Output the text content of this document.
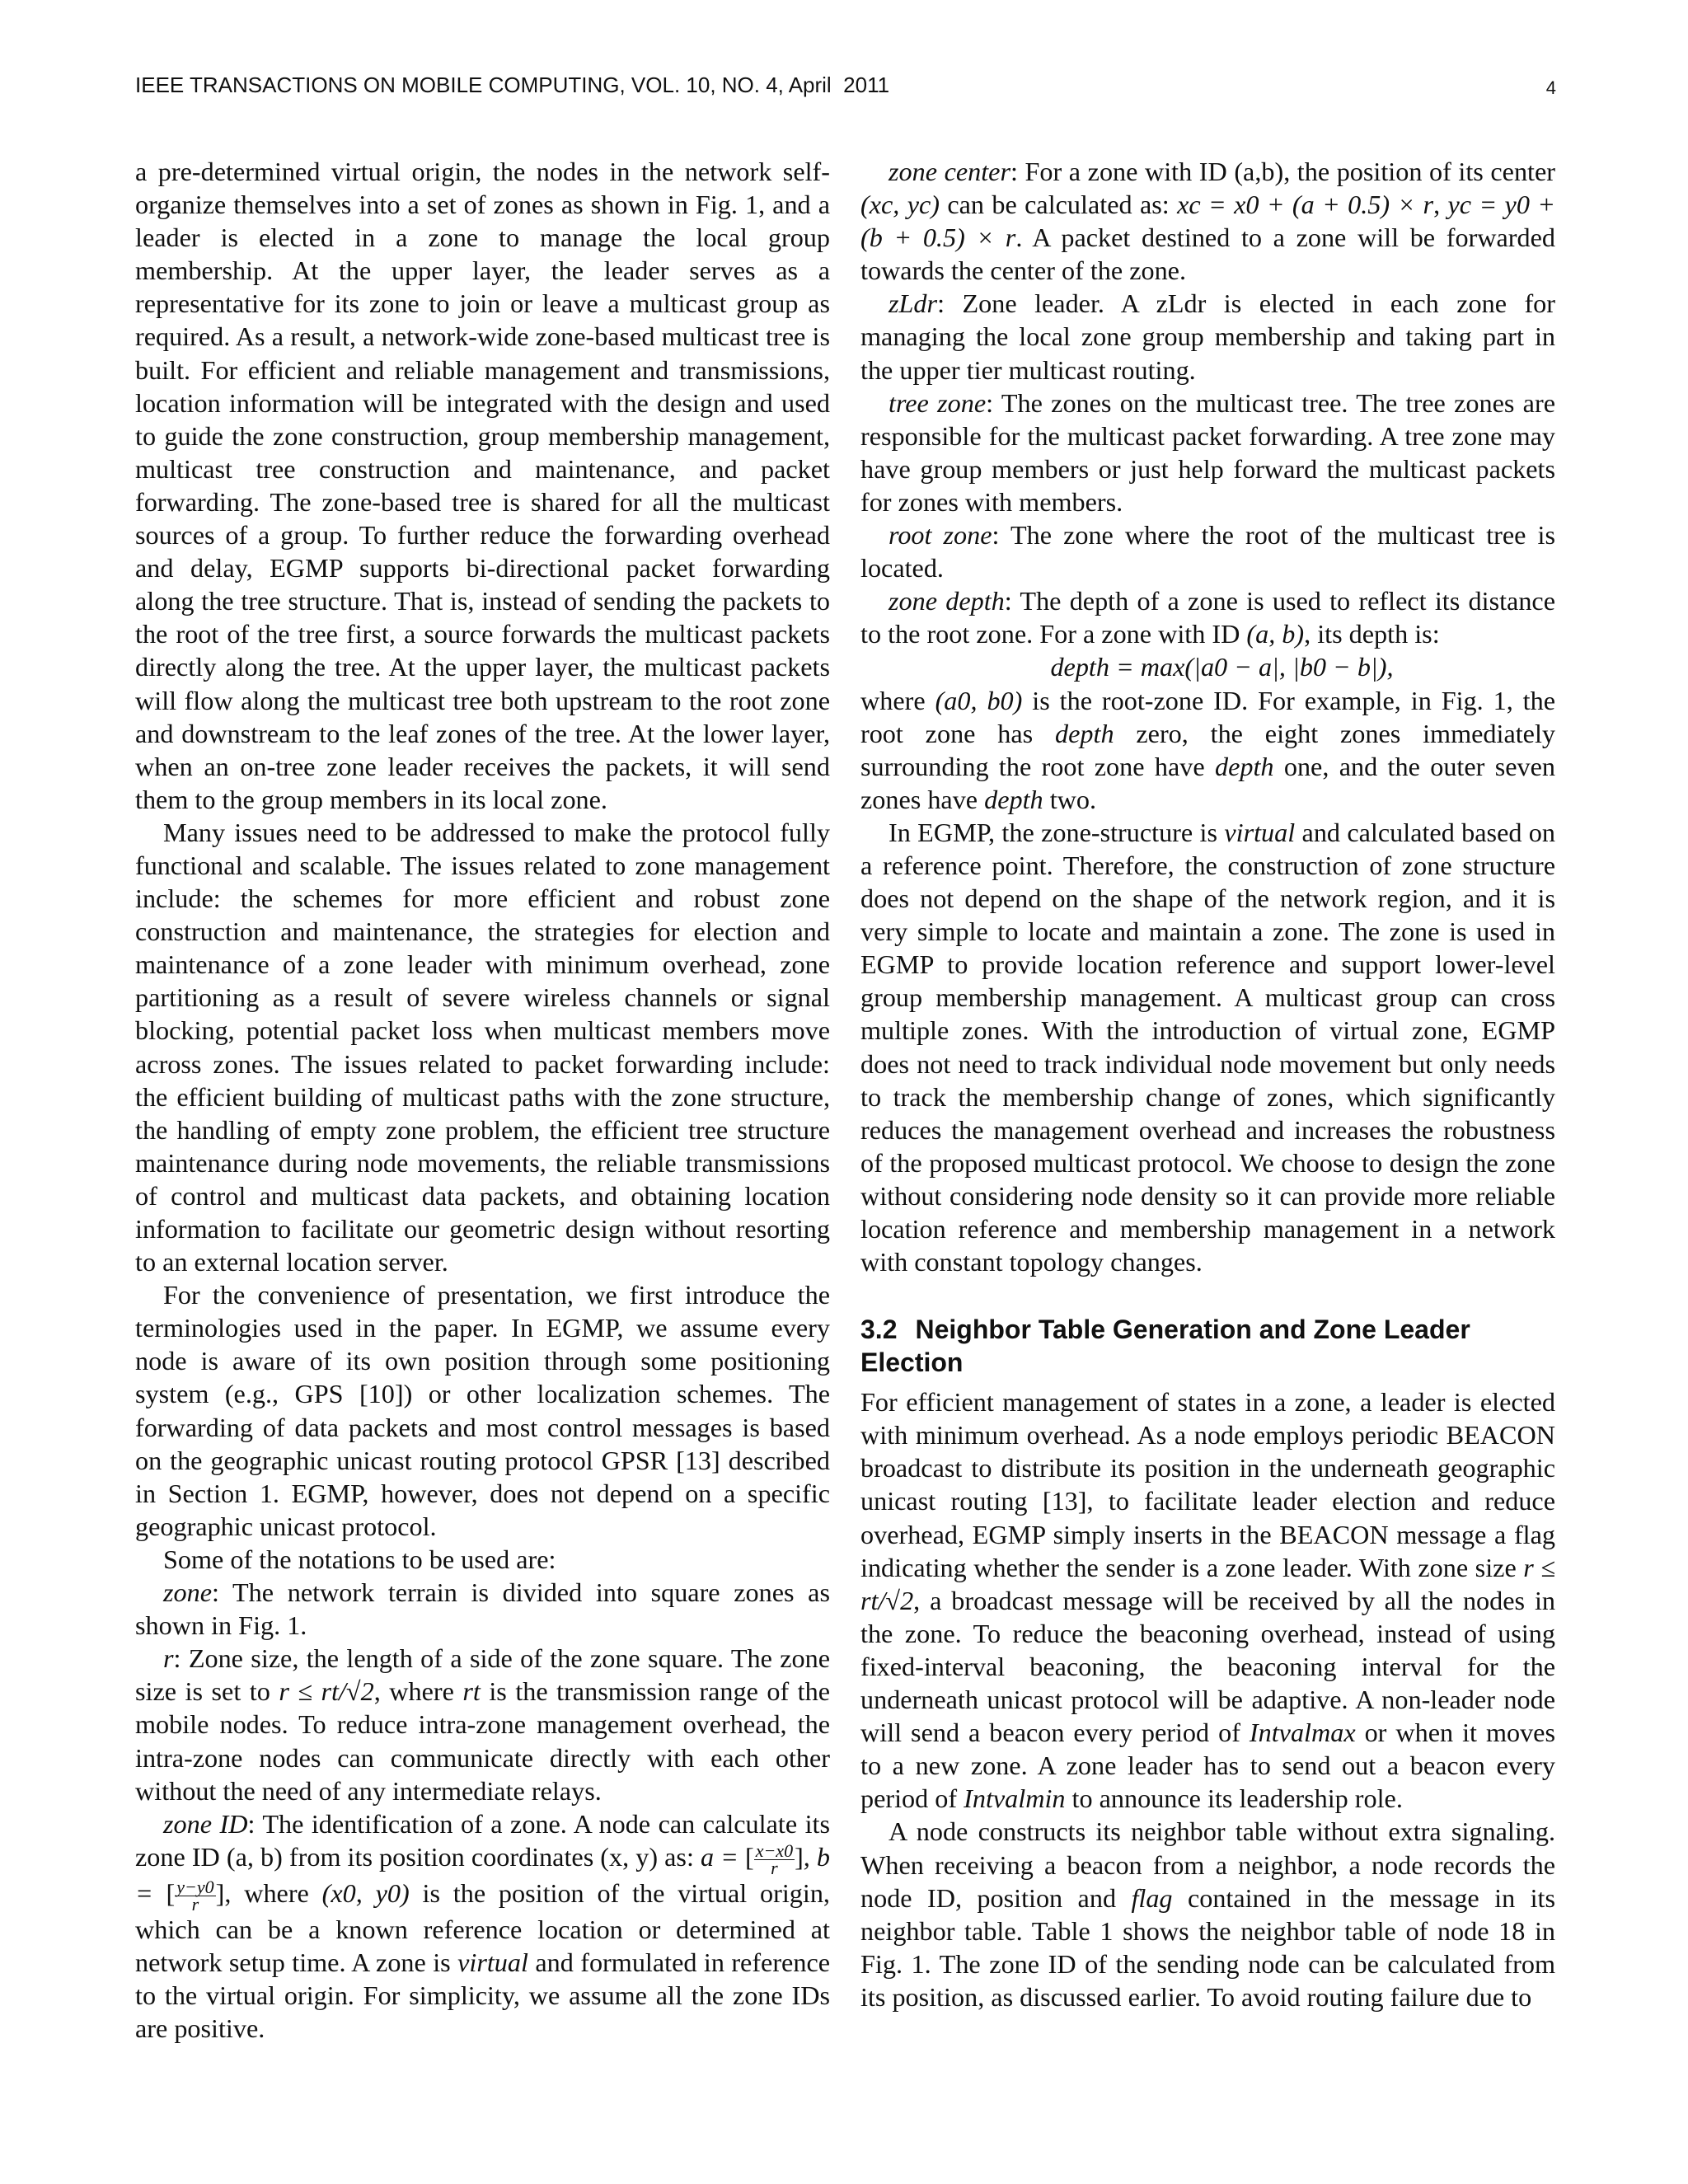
IEEE TRANSACTIONS ON MOBILE COMPUTING, VOL. 10, NO. 4, April  2011	4

a pre-determined virtual origin, the nodes in the network self-organize themselves into a set of zones as shown in Fig. 1, and a leader is elected in a zone to manage the local group membership. At the upper layer, the leader serves as a representative for its zone to join or leave a multicast group as required. As a result, a network-wide zone-based multicast tree is built. For efficient and reliable management and transmissions, location information will be integrated with the design and used to guide the zone construction, group membership management, multicast tree construction and maintenance, and packet forwarding. The zone-based tree is shared for all the multicast sources of a group. To further reduce the forwarding overhead and delay, EGMP supports bi-directional packet forwarding along the tree structure. That is, instead of sending the packets to the root of the tree first, a source forwards the multicast packets directly along the tree. At the upper layer, the multicast packets will flow along the multicast tree both upstream to the root zone and downstream to the leaf zones of the tree. At the lower layer, when an on-tree zone leader receives the packets, it will send them to the group members in its local zone.

Many issues need to be addressed to make the protocol fully functional and scalable. The issues related to zone management include: the schemes for more efficient and robust zone construction and maintenance, the strategies for election and maintenance of a zone leader with minimum overhead, zone partitioning as a result of severe wireless channels or signal blocking, potential packet loss when multicast members move across zones. The issues related to packet forwarding include: the efficient building of multicast paths with the zone structure, the handling of empty zone problem, the efficient tree structure maintenance during node movements, the reliable transmissions of control and multicast data packets, and obtaining location information to facilitate our geometric design without resorting to an external location server.

For the convenience of presentation, we first introduce the terminologies used in the paper. In EGMP, we assume every node is aware of its own position through some positioning system (e.g., GPS [10]) or other localization schemes. The forwarding of data packets and most control messages is based on the geographic unicast routing protocol GPSR [13] described in Section 1. EGMP, however, does not depend on a specific geographic unicast protocol.

Some of the notations to be used are:

zone: The network terrain is divided into square zones as shown in Fig. 1.

r: Zone size, the length of a side of the zone square. The zone size is set to r ≤ rt/√2, where rt is the transmission range of the mobile nodes. To reduce intra-zone management overhead, the intra-zone nodes can communicate directly with each other without the need of any intermediate relays.

zone ID: The identification of a zone. A node can calculate its zone ID (a, b) from its position coordinates (x, y) as: a = [ $\frac{x-x0}{r}$ ], b = [ $\frac{y-y0}{r}$ ], where (x0, y0) is the position of the virtual origin, which can be a known reference location or determined at network setup time. A zone is virtual and formulated in reference to the virtual origin. For simplicity, we assume all the zone IDs are positive.

zone center: For a zone with ID (a,b), the position of its center (xc, yc) can be calculated as: xc = x0 + (a + 0.5) × r, yc = y0 + (b + 0.5) × r. A packet destined to a zone will be forwarded towards the center of the zone.

zLdr: Zone leader. A zLdr is elected in each zone for managing the local zone group membership and taking part in the upper tier multicast routing.

tree zone: The zones on the multicast tree. The tree zones are responsible for the multicast packet forwarding. A tree zone may have group members or just help forward the multicast packets for zones with members.

root zone: The zone where the root of the multicast tree is located.

zone depth: The depth of a zone is used to reflect its distance to the root zone. For a zone with ID (a, b), its depth is:

depth = max(|a0 − a|, |b0 − b|),

where (a0, b0) is the root-zone ID. For example, in Fig. 1, the root zone has depth zero, the eight zones immediately surrounding the root zone have depth one, and the outer seven zones have depth two.

In EGMP, the zone-structure is virtual and calculated based on a reference point. Therefore, the construction of zone structure does not depend on the shape of the network region, and it is very simple to locate and maintain a zone. The zone is used in EGMP to provide location reference and support lower-level group membership management. A multicast group can cross multiple zones. With the introduction of virtual zone, EGMP does not need to track individual node movement but only needs to track the membership change of zones, which significantly reduces the management overhead and increases the robustness of the proposed multicast protocol. We choose to design the zone without considering node density so it can provide more reliable location reference and membership management in a network with constant topology changes.

3.2 Neighbor Table Generation and Zone Leader Election

For efficient management of states in a zone, a leader is elected with minimum overhead. As a node employs periodic BEACON broadcast to distribute its position in the underneath geographic unicast routing [13], to facilitate leader election and reduce overhead, EGMP simply inserts in the BEACON message a flag indicating whether the sender is a zone leader. With zone size r ≤ rt/√2, a broadcast message will be received by all the nodes in the zone. To reduce the beaconing overhead, instead of using fixed-interval beaconing, the beaconing interval for the underneath unicast protocol will be adaptive. A non-leader node will send a beacon every period of Intvalmax or when it moves to a new zone. A zone leader has to send out a beacon every period of Intvalmin to announce its leadership role.

A node constructs its neighbor table without extra signaling. When receiving a beacon from a neighbor, a node records the node ID, position and flag contained in the message in its neighbor table. Table 1 shows the neighbor table of node 18 in Fig. 1. The zone ID of the sending node can be calculated from its position, as discussed earlier. To avoid routing failure due to
